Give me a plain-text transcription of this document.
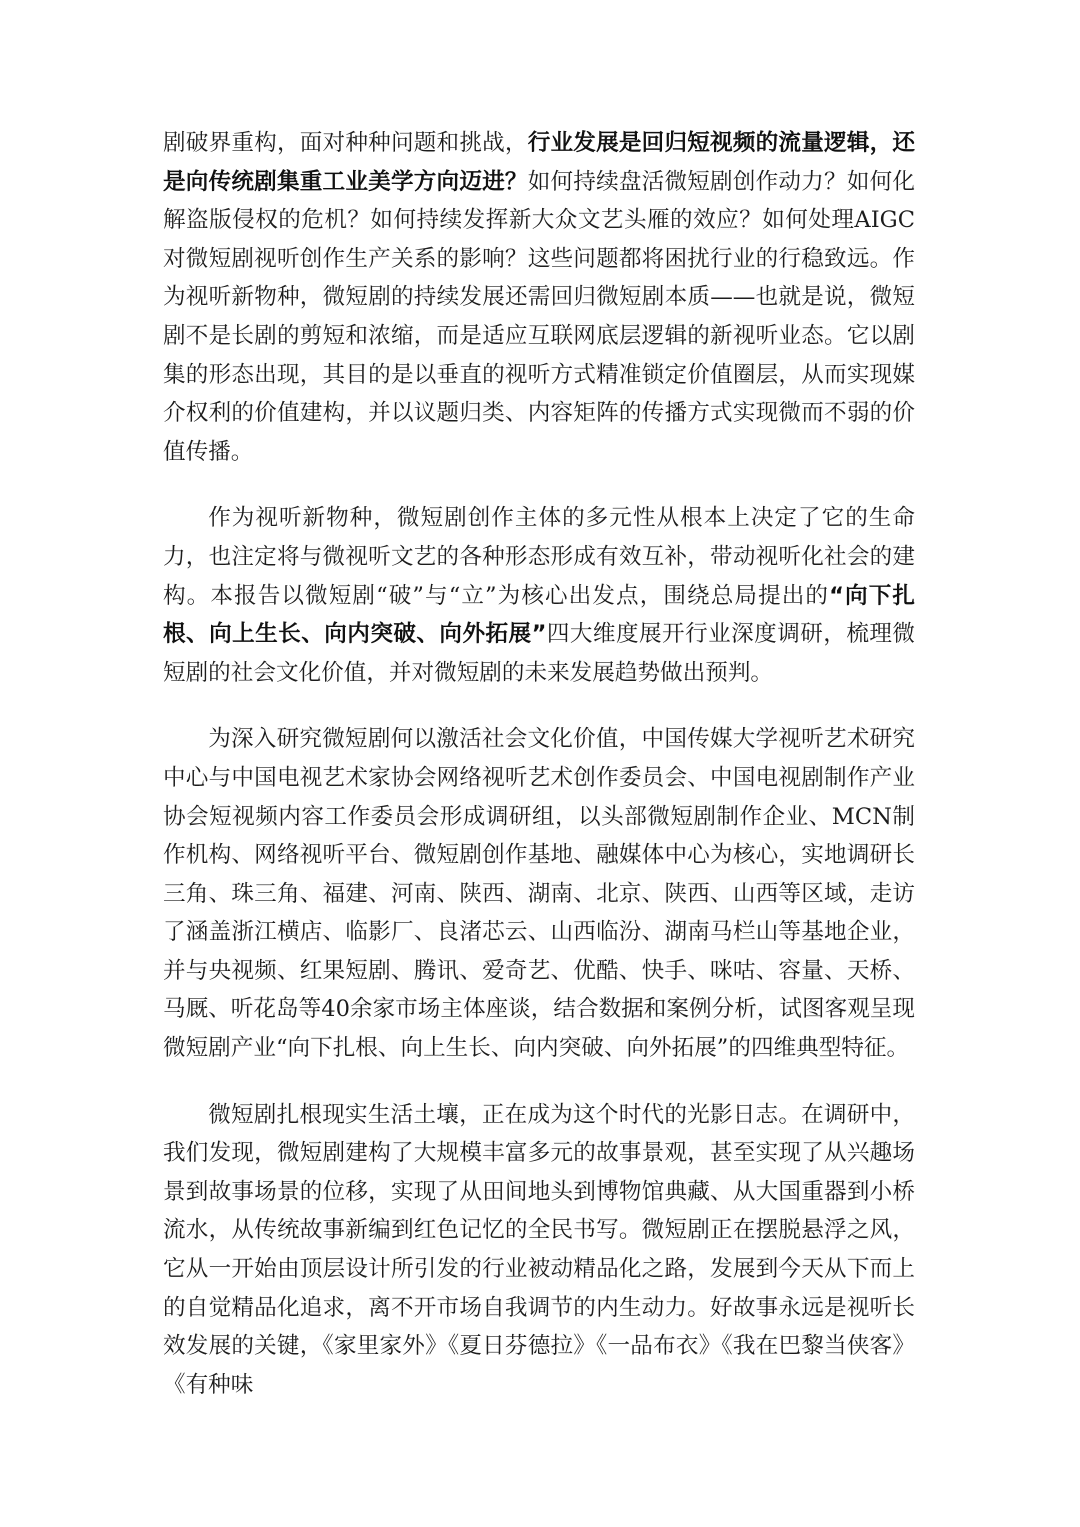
剧破界重构，面对种种问题和挑战，行业发展是回归短视频的流量逻辑，还是向传统剧集重工业美学方向迈进？如何持续盘活微短剧创作动力？如何化解盗版侵权的危机？如何持续发挥新大众文艺头雁的效应？如何处理AIGC对微短剧视听创作生产关系的影响？这些问题都将困扰行业的行稳致远。作为视听新物种，微短剧的持续发展还需回归微短剧本质——也就是说，微短剧不是长剧的剪短和浓缩，而是适应互联网底层逻辑的新视听业态。它以剧集的形态出现，其目的是以垂直的视听方式精准锁定价值圈层，从而实现媒介权利的价值建构，并以议题归类、内容矩阵的传播方式实现微而不弱的价值传播。

作为视听新物种，微短剧创作主体的多元性从根本上决定了它的生命力，也注定将与微视听文艺的各种形态形成有效互补，带动视听化社会的建构。本报告以微短剧“破”与“立”为核心出发点，围绕总局提出的“向下扎根、向上生长、向内突破、向外拓展”四大维度展开行业深度调研，梳理微短剧的社会文化价值，并对微短剧的未来发展趋势做出预判。

为深入研究微短剧何以激活社会文化价值，中国传媒大学视听艺术研究中心与中国电视艺术家协会网络视听艺术创作委员会、中国电视剧制作产业协会短视频内容工作委员会形成调研组，以头部微短剧制作企业、MCN制作机构、网络视听平台、微短剧创作基地、融媒体中心为核心，实地调研长三角、珠三角、福建、河南、陕西、湖南、北京、陕西、山西等区域，走访了涵盖浙江横店、临影厂、良渚芯云、山西临汾、湖南马栏山等基地企业，并与央视频、红果短剧、腾讯、爱奇艺、优酷、快手、咪咕、容量、天桥、马厩、听花岛等40余家市场主体座谈，结合数据和案例分析，试图客观呈现微短剧产业“向下扎根、向上生长、向内突破、向外拓展”的四维典型特征。

微短剧扎根现实生活土壤，正在成为这个时代的光影日志。在调研中，我们发现，微短剧建构了大规模丰富多元的故事景观，甚至实现了从兴趣场景到故事场景的位移，实现了从田间地头到博物馆典藏、从大国重器到小桥流水，从传统故事新编到红色记忆的全民书写。微短剧正在摆脱悬浮之风，它从一开始由顶层设计所引发的行业被动精品化之路，发展到今天从下而上的自觉精品化追求，离不开市场自我调节的内生动力。好故事永远是视听长效发展的关键，《家里家外》《夏日芬德拉》《一品布衣》《我在巴黎当侠客》《有种味
